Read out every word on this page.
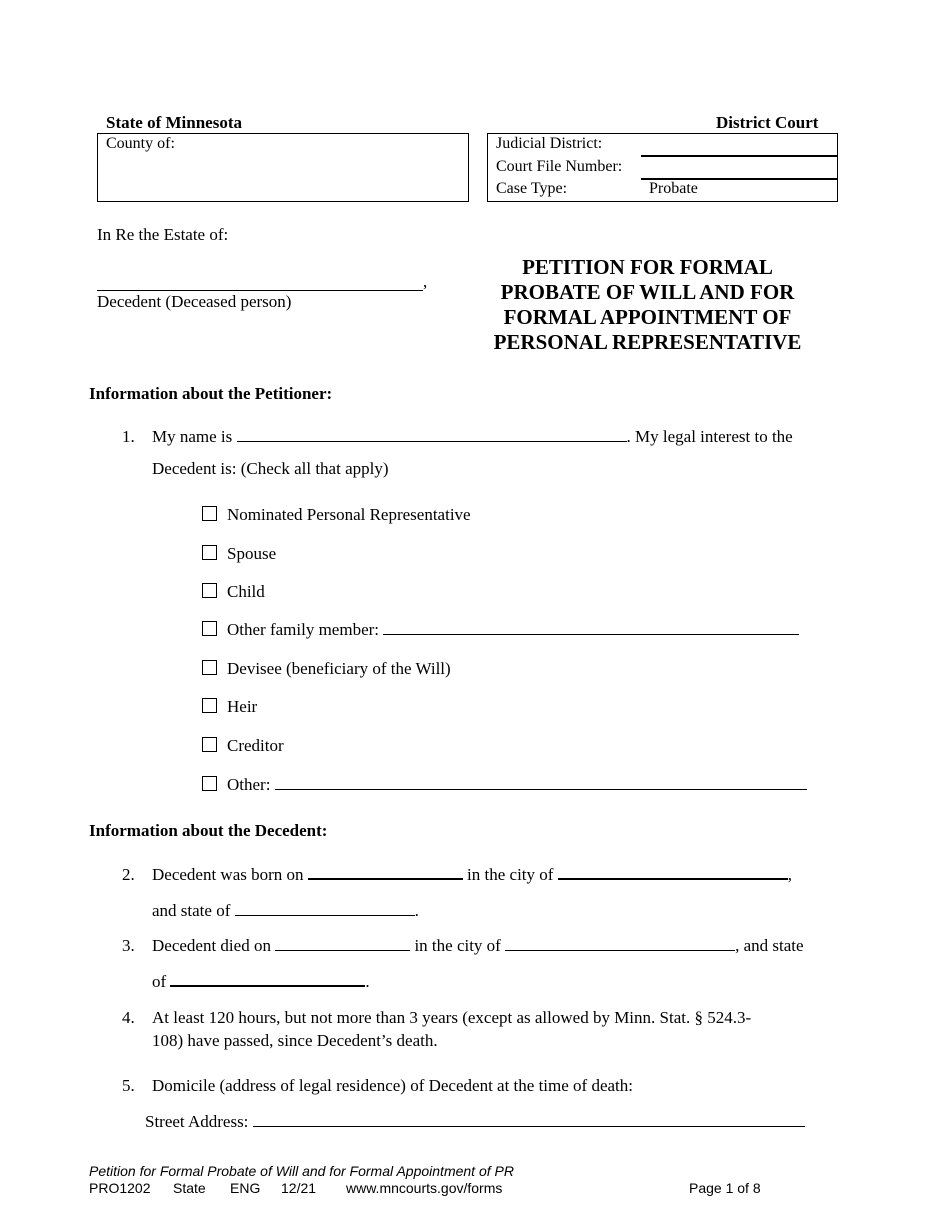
State of Minnesota	District Court
County of:	Judicial District:
Court File Number:
Case Type:	Probate
In Re the Estate of:
,
Decedent (Deceased person)
PETITION FOR FORMAL
PROBATE OF WILL AND FOR
FORMAL APPOINTMENT OF
PERSONAL REPRESENTATIVE
Information about the Petitioner:
1. My name is	. My legal interest to the
Decedent is: (Check all that apply)
Nominated Personal Representative
Spouse
Child
Other family member:
Devisee (beneficiary of the Will)
Heir
Creditor
Other:
Information about the Decedent:
2. Decedent was born on	in the city of	,
and state of	.
3. Decedent died on	in the city of	, and state
of	.
4. At least 120 hours, but not more than 3 years (except as allowed by Minn. Stat. § 524.3-
108) have passed, since Decedent’s death.
5. Domicile (address of legal residence) of Decedent at the time of death:
Street Address:
Petition for Formal Probate of Will and for Formal Appointment of PR
PRO1202 State ENG 12/21 www.mncourts.gov/forms	Page 1 of 8
